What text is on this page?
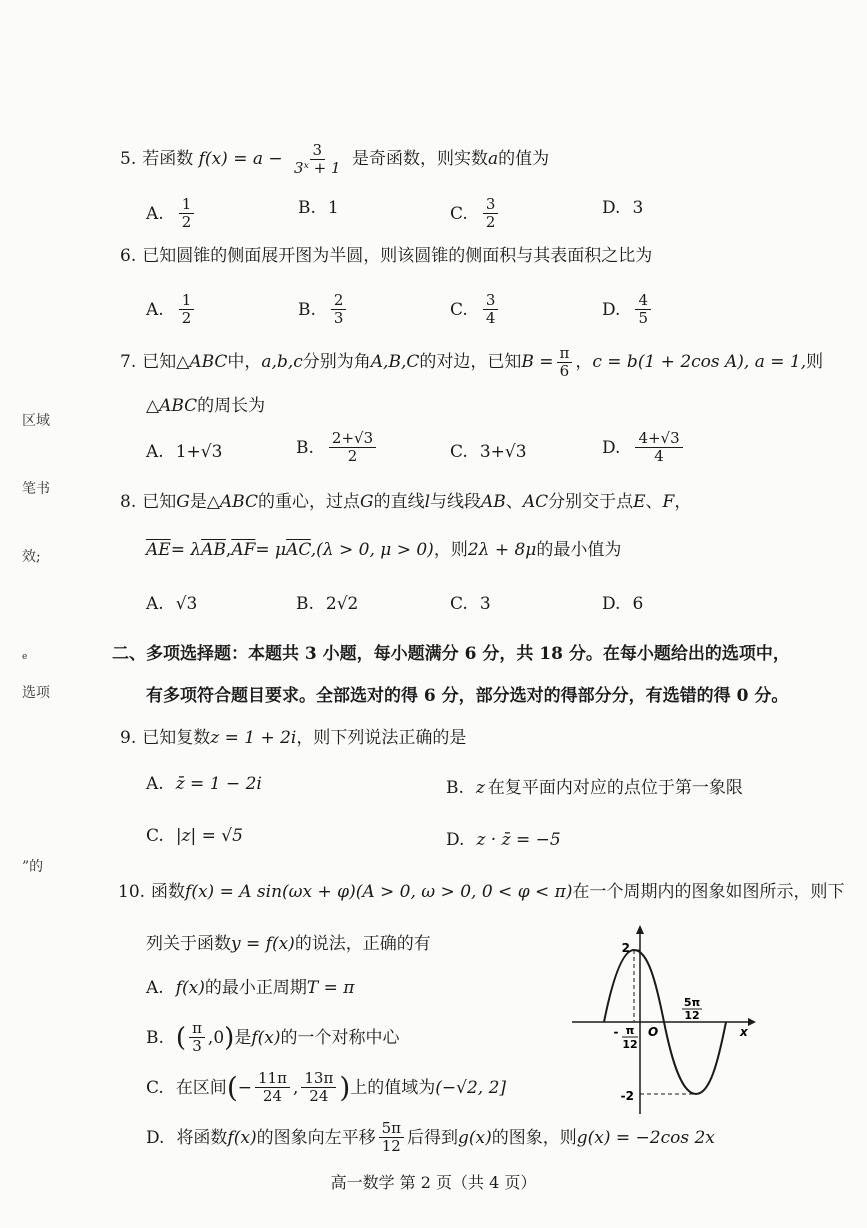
区域
笔书
效;
e
选项
”的
5. 若函数 $f(x) = a - \frac{3}{\text{3ˣ + 1}}$ 是奇函数，则实数a的值为
A. $\frac{1}{2}$	B. 1	C. $\frac{3}{2}$	D. 3
6. 已知圆锥的侧面展开图为半圆，则该圆锥的侧面积与其表面积之比为
A. $\frac{1}{2}$	B. $\frac{2}{3}$	C. $\frac{3}{4}$	D. $\frac{4}{5}$
7. 已知△ABC中，a,b,c分别为角A,B,C的对边，已知$B = \frac{\pi}{6}$ ，c = b(1 + 2cos A), a = 1,则
△ABC的周长为
A. 1+√3	B. $\frac{2+√3}{2}$	C. 3+√3	D. $\frac{4+√3}{4}$
8. 已知G是△ABC的重心，过点G的直线l与线段AB、AC分别交于点E、F，
$\overline{AE}= \lambda\overline{AB},\overline{AF}= \mu\overline{AC},(\lambda > 0$, μ > 0)，则2λ + 8μ的最小值为
A. √3	B. 2√2	C. 3	D. 6
二、多项选择题：本题共 3 小题，每小题满分 6 分，共 18 分。在每小题给出的选项中，
有多项符合题目要求。全部选对的得 6 分，部分选对的得部分分，有选错的得 0 分。
9. 已知复数z = 1 + 2i，则下列说法正确的是
A. z̄ = 1 − 2i	B. z 在复平面内对应的点位于第一象限
C. |z| = √5	D. z · z̄ = −5
10. 函数f(x) = A sin(ωx + φ)(A > 0, ω > 0, 0 < φ < π)在一个周期内的图象如图所示，则下
列关于函数y = f(x)的说法，正确的有
A. f(x) 的最小正周期 T = π
B. ( $\frac{\pi}{3} ,0$ ) 是 f(x) 的一个对称中心
C. 在区间 ( − $\frac{11\pi}{24}$ , $\frac{13\pi}{24}$ ) 上的值域为 (−√2, 2]
D. 将函数 f(x) 的图象向左平移 $\frac{5\pi}{12}$ 后得到 g(x) 的图象，则 g(x) = −2cos 2x
2
-2
5π
12
- π
12
O	x
高一数学 第 2 页（共 4 页）
